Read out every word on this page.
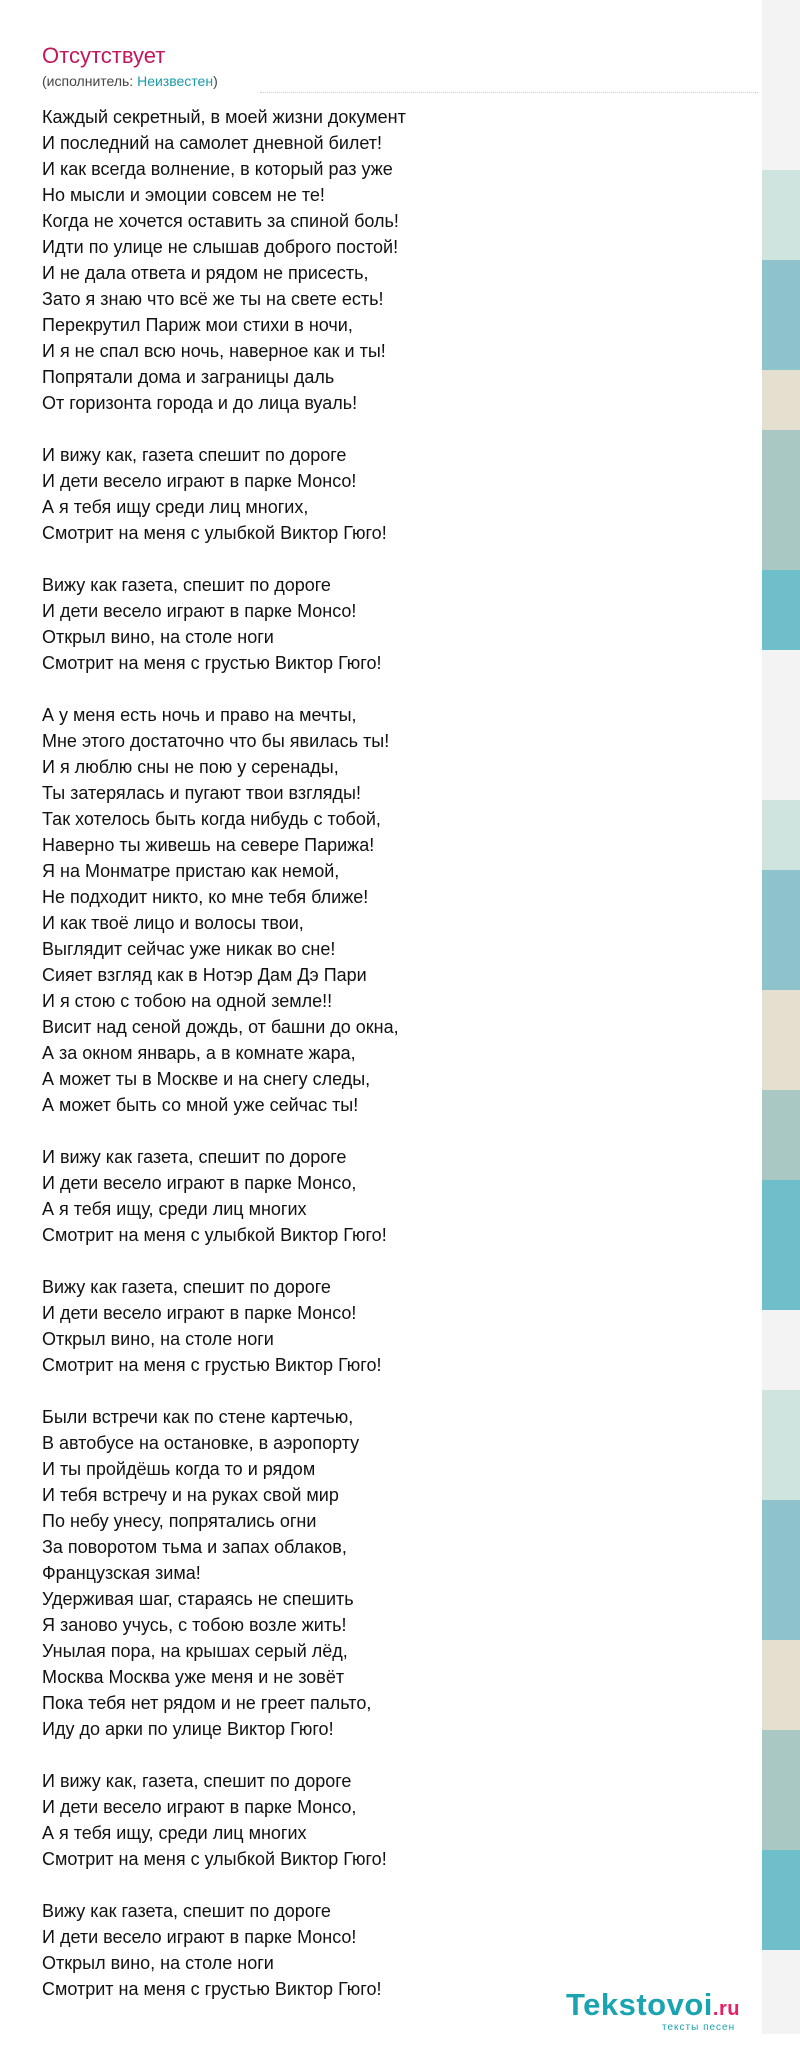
Отсутствует
(исполнитель: Неизвестен)
Каждый секретный, в моей жизни документ
И последний на самолет дневной билет!
И как всегда волнение, в который раз уже
Но мысли и эмоции совсем не те!
Когда не хочется оставить за спиной боль!
Идти по улице не слышав доброго постой!
И не дала ответа и рядом не присесть,
Зато я знаю что всё же ты на свете есть!
Перекрутил Париж мои стихи в ночи,
И я не спал всю ночь, наверное как и ты!
Попрятали дома и заграницы даль
От горизонта города и до лица вуаль!
И вижу как, газета спешит по дороге
И дети весело играют в парке Монсо!
А я тебя ищу среди лиц многих,
Смотрит на меня с улыбкой Виктор Гюго!
Вижу как газета, спешит по дороге
И дети весело играют в парке Монсо!
Открыл вино, на столе ноги
Смотрит на меня с грустью Виктор Гюго!
А у меня есть ночь и право на мечты,
Мне этого достаточно что бы явилась ты!
И я люблю сны не пою у серенады,
Ты затерялась и пугают твои взгляды!
Так хотелось быть когда нибудь с тобой,
Наверно ты живешь на севере Парижа!
Я на Монматре пристаю как немой,
Не подходит никто, ко мне тебя ближе!
И как твоё лицо и волосы твои,
Выглядит сейчас уже никак во сне!
Сияет взгляд как в Нотэр Дам Дэ Пари
И я стою с тобою на одной земле!!
Висит над сеной дождь, от башни до окна,
А за окном январь, а в комнате жара,
А может ты в Москве и на снегу следы,
А может быть со мной уже сейчас ты!
И вижу как газета, спешит по дороге
И дети весело играют в парке Монсо,
А я тебя ищу, среди лиц многих
Смотрит на меня с улыбкой Виктор Гюго!
Вижу как газета, спешит по дороге
И дети весело играют в парке Монсо!
Открыл вино, на столе ноги
Смотрит на меня с грустью Виктор Гюго!
Были встречи как по стене картечью,
В автобусе на остановке, в аэропорту
И ты пройдёшь когда то и рядом
И тебя встречу и на руках свой мир
По небу унесу, попрятались огни
За поворотом тьма и запах облаков,
Французская зима!
Удерживая шаг, стараясь не спешить
Я заново учусь, с тобою возле жить!
Унылая пора, на крышах серый лёд,
Москва Москва уже меня и не зовёт
Пока тебя нет рядом и не греет пальто,
Иду до арки по улице Виктор Гюго!
И вижу как, газета, спешит по дороге
И дети весело играют в парке Монсо,
А я тебя ищу, среди лиц многих
Смотрит на меня с улыбкой Виктор Гюго!
Вижу как газета, спешит по дороге
И дети весело играют в парке Монсо!
Открыл вино, на столе ноги
Смотрит на меня с грустью Виктор Гюго!	Tekstovoi.ru
тексты песен
